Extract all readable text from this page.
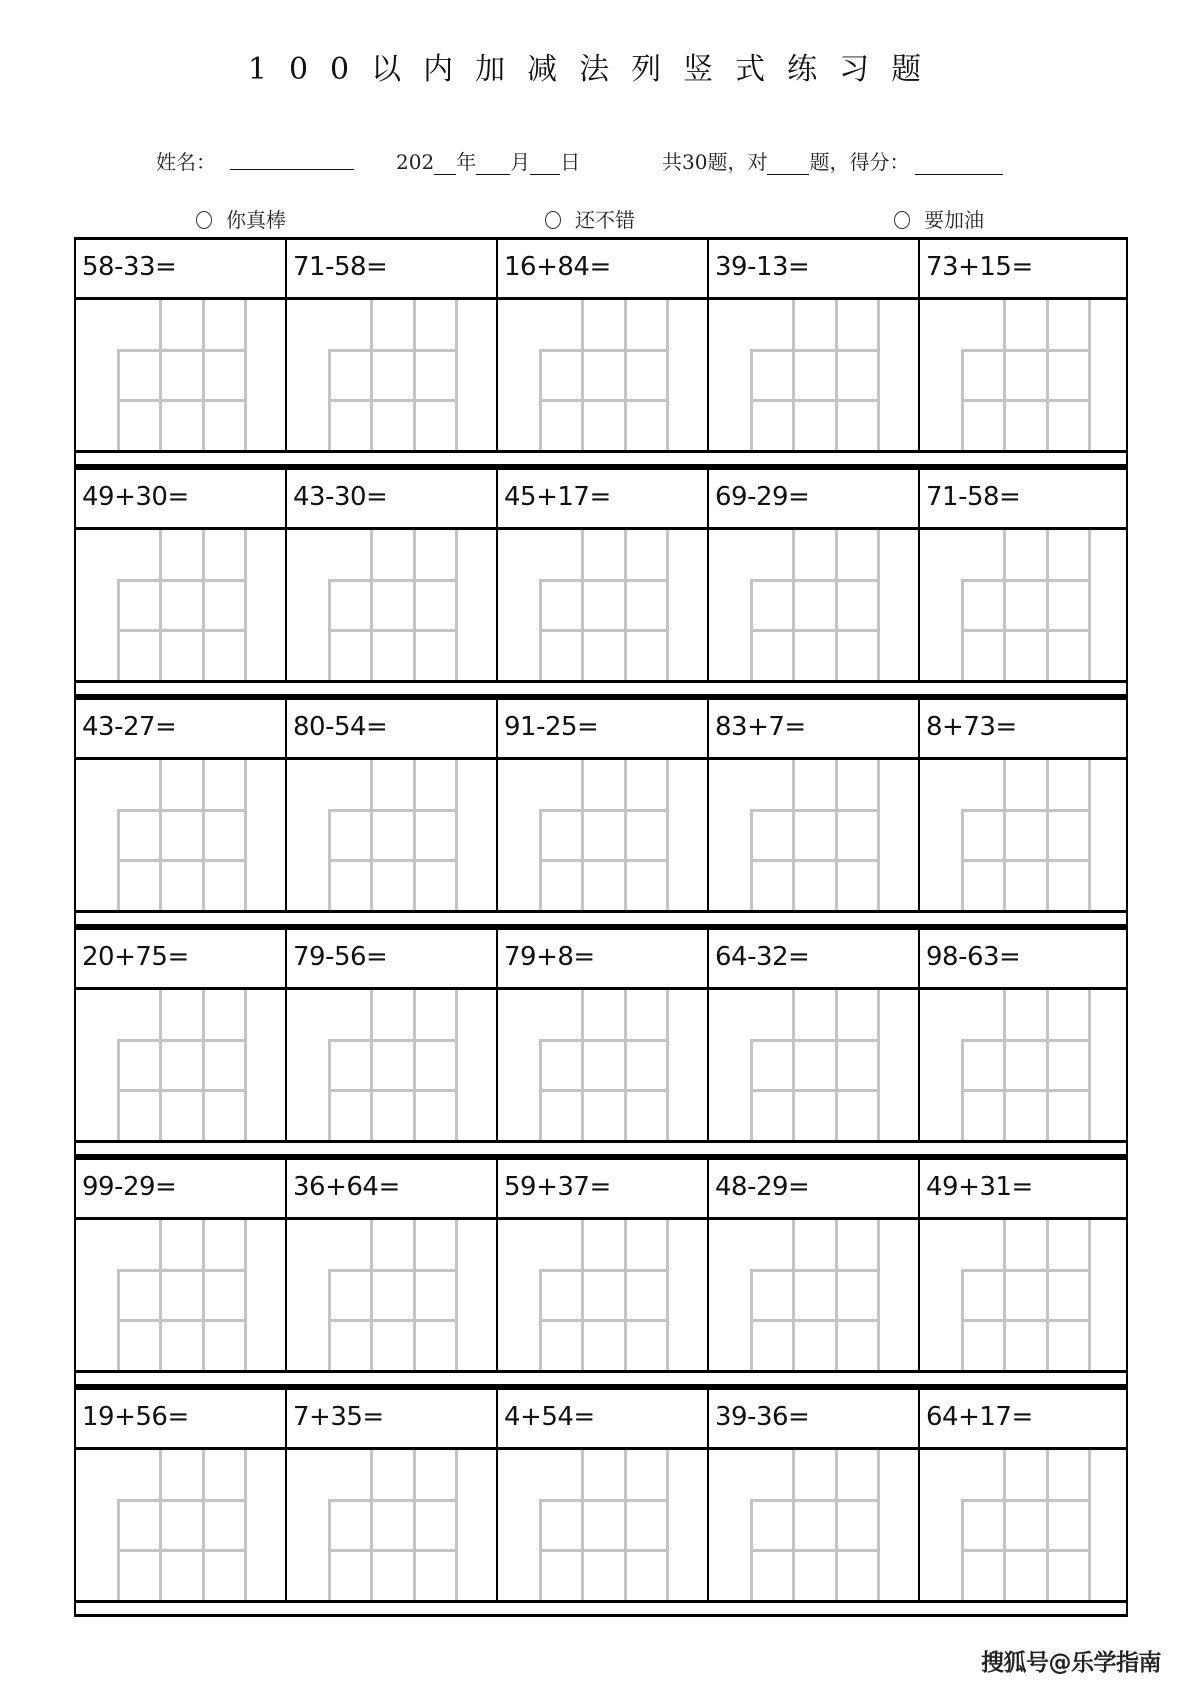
100以内加减法列竖式练习题
姓名：	202 年 月 日	共30题，对 题，得分：
你真棒	还不错	要加油
58-33=	71-58=	16+84=	39-13=	73+15=
49+30=	43-30=	45+17=	69-29=	71-58=
43-27=	80-54=	91-25=	83+7=	8+73=
20+75=	79-56=	79+8=	64-32=	98-63=
99-29=	36+64=	59+37=	48-29=	49+31=
19+56=	7+35=	4+54=	39-36=	64+17=
搜狐号@乐学指南
